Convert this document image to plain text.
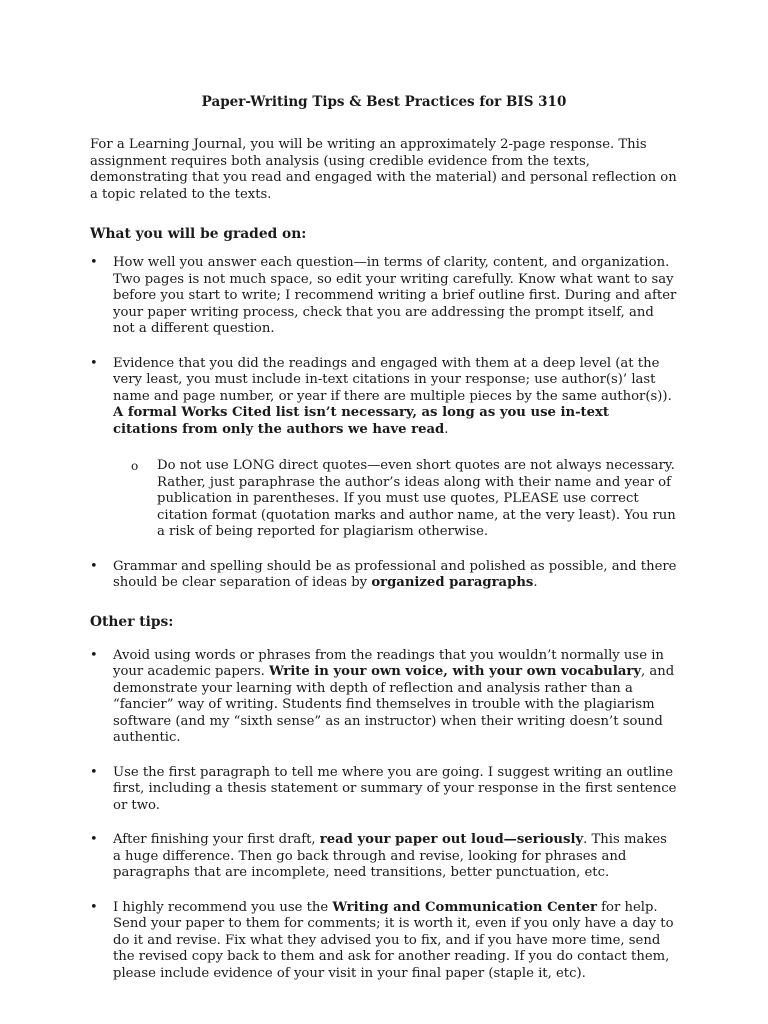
Paper-Writing Tips & Best Practices for BIS 310

For a Learning Journal, you will be writing an approximately 2-page response. This assignment requires both analysis (using credible evidence from the texts, demonstrating that you read and engaged with the material) and personal reflection on a topic related to the texts.

What you will be graded on:
• How well you answer each question—in terms of clarity, content, and organization. Two pages is not much space, so edit your writing carefully. Know what want to say before you start to write; I recommend writing a brief outline first. During and after your paper writing process, check that you are addressing the prompt itself, and not a different question.
• Evidence that you did the readings and engaged with them at a deep level (at the very least, you must include in-text citations in your response; use author(s)’ last name and page number, or year if there are multiple pieces by the same author(s)). A formal Works Cited list isn’t necessary, as long as you use in-text citations from only the authors we have read.
o Do not use LONG direct quotes—even short quotes are not always necessary. Rather, just paraphrase the author’s ideas along with their name and year of publication in parentheses. If you must use quotes, PLEASE use correct citation format (quotation marks and author name, at the very least). You run a risk of being reported for plagiarism otherwise.
• Grammar and spelling should be as professional and polished as possible, and there should be clear separation of ideas by organized paragraphs.
Other tips:
• Avoid using words or phrases from the readings that you wouldn’t normally use in your academic papers. Write in your own voice, with your own vocabulary, and demonstrate your learning with depth of reflection and analysis rather than a “fancier” way of writing. Students find themselves in trouble with the plagiarism software (and my “sixth sense” as an instructor) when their writing doesn’t sound authentic.
• Use the first paragraph to tell me where you are going. I suggest writing an outline first, including a thesis statement or summary of your response in the first sentence or two.
• After finishing your first draft, read your paper out loud—seriously. This makes a huge difference. Then go back through and revise, looking for phrases and paragraphs that are incomplete, need transitions, better punctuation, etc.
• I highly recommend you use the Writing and Communication Center for help. Send your paper to them for comments; it is worth it, even if you only have a day to do it and revise. Fix what they advised you to fix, and if you have more time, send the revised copy back to them and ask for another reading. If you do contact them, please include evidence of your visit in your final paper (staple it, etc).
